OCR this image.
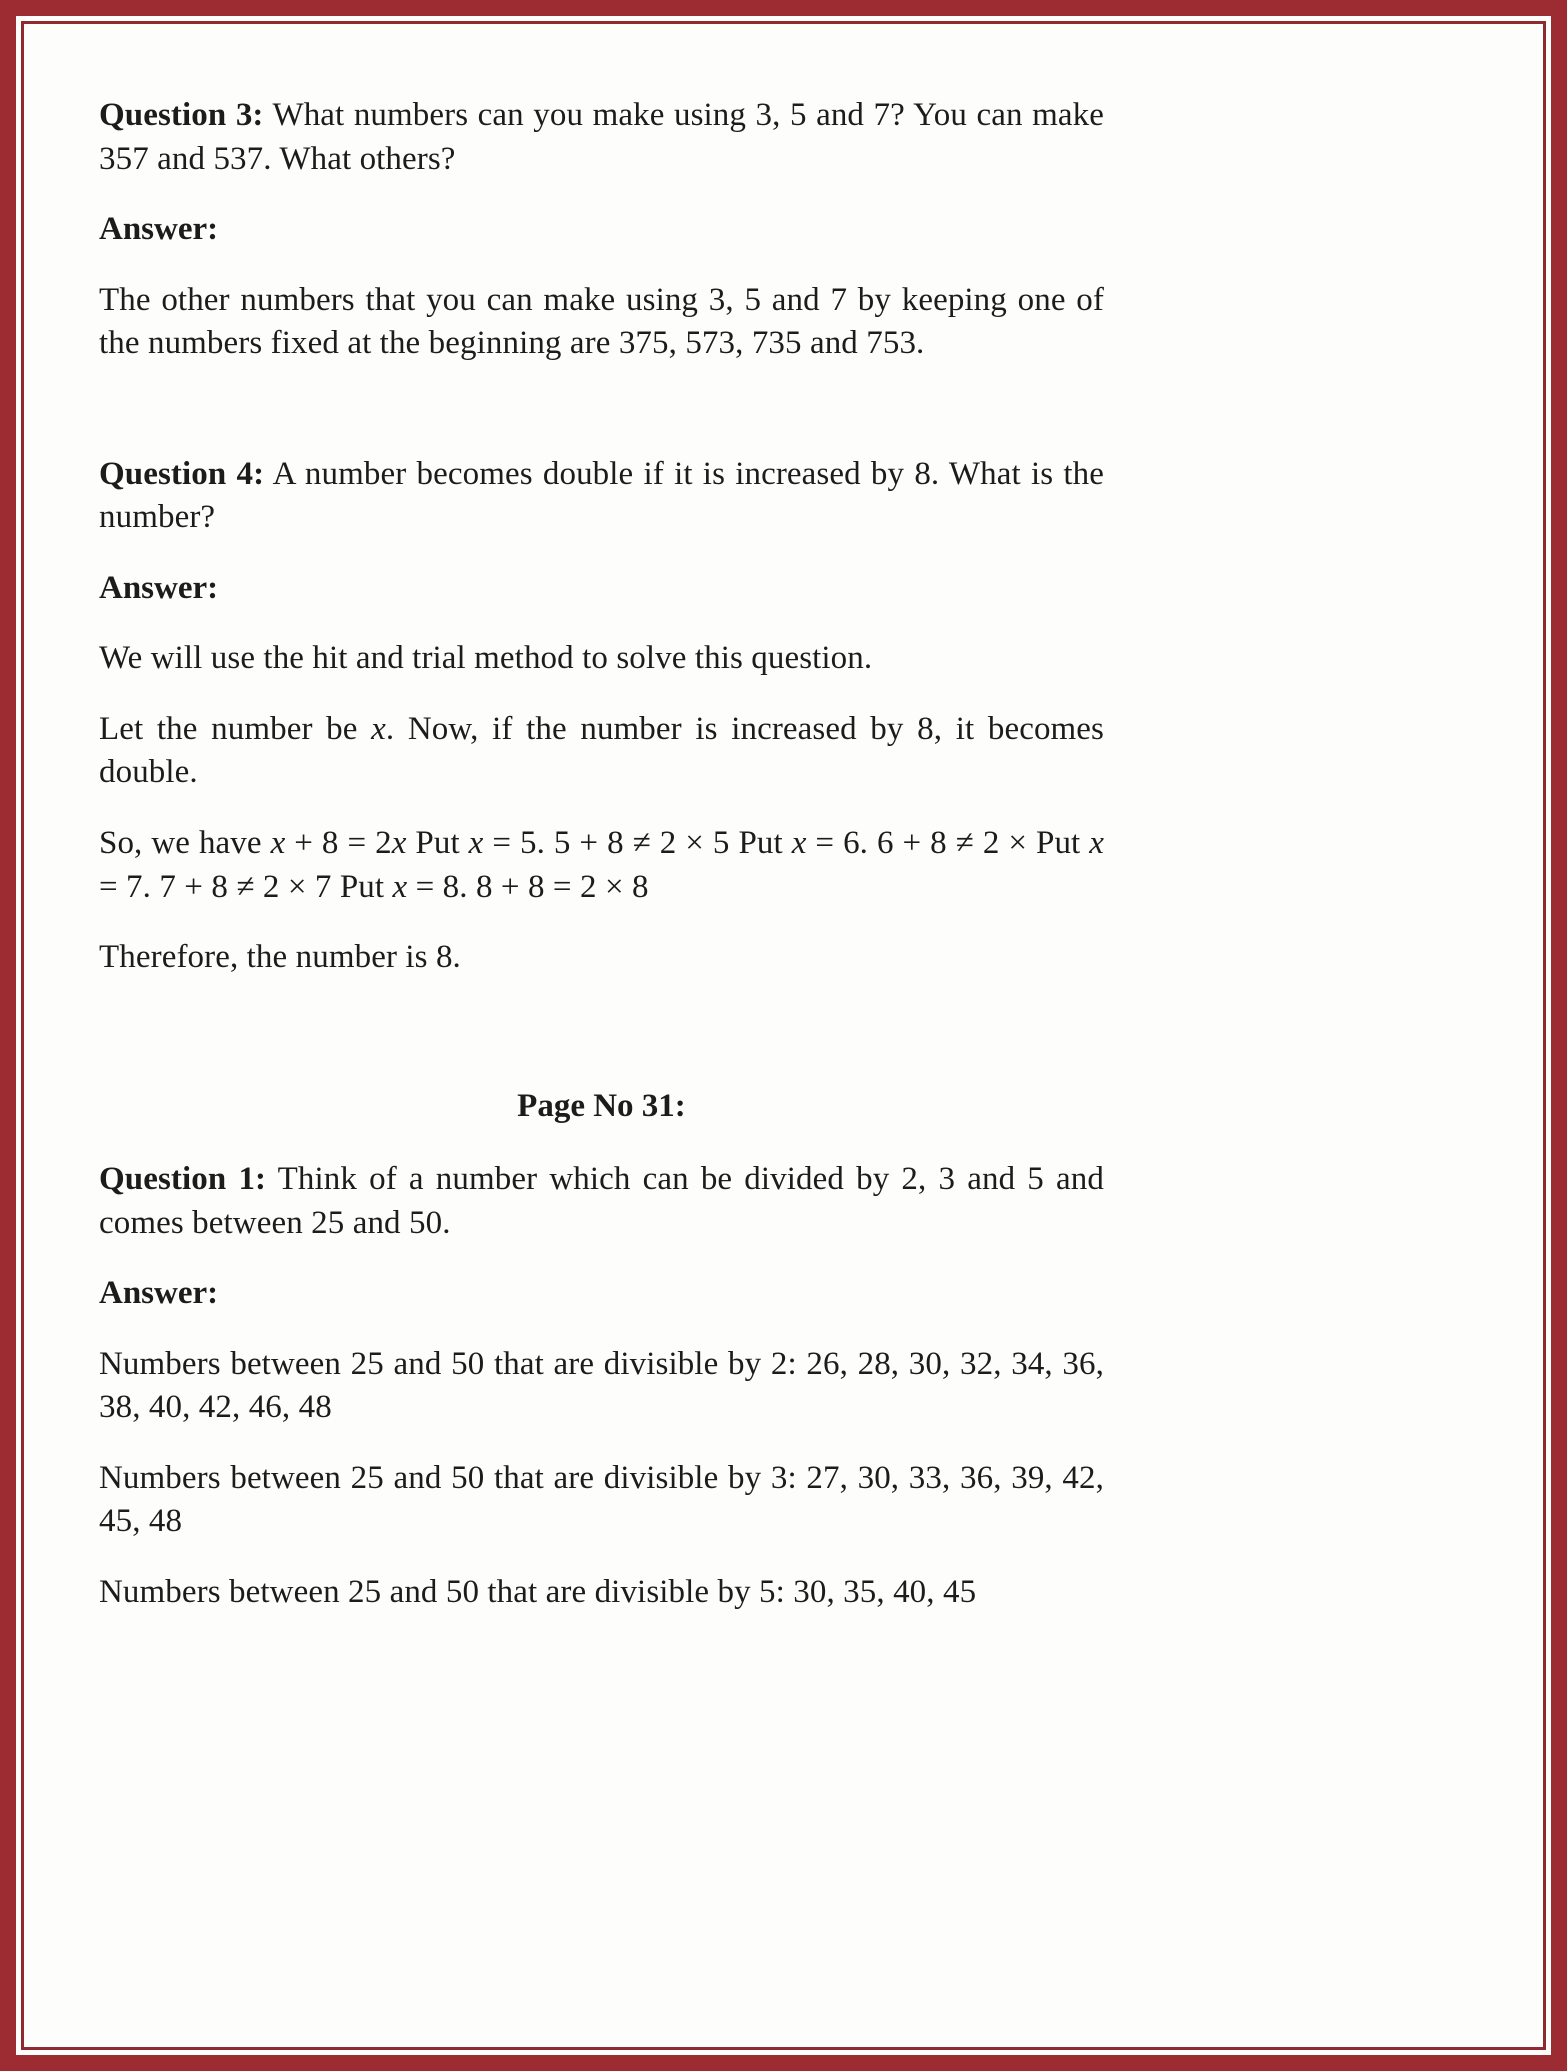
Question 3: What numbers can you make using 3, 5 and 7? You can make 357 and 537. What others?

Answer:

The other numbers that you can make using 3, 5 and 7 by keeping one of the numbers fixed at the beginning are 375, 573, 735 and 753.

Question 4: A number becomes double if it is increased by 8. What is the number?

Answer:

We will use the hit and trial method to solve this question.

Let the number be x. Now, if the number is increased by 8, it becomes double.

So, we have x + 8 = 2x Put x = 5. 5 + 8 ≠ 2 × 5 Put x = 6. 6 + 8 ≠ 2 × Put x = 7. 7 + 8 ≠ 2 × 7 Put x = 8. 8 + 8 = 2 × 8

Therefore, the number is 8.

Page No 31:

Question 1: Think of a number which can be divided by 2, 3 and 5 and comes between 25 and 50.

Answer:

Numbers between 25 and 50 that are divisible by 2: 26, 28, 30, 32, 34, 36, 38, 40, 42, 46, 48

Numbers between 25 and 50 that are divisible by 3: 27, 30, 33, 36, 39, 42, 45, 48

Numbers between 25 and 50 that are divisible by 5: 30, 35, 40, 45
